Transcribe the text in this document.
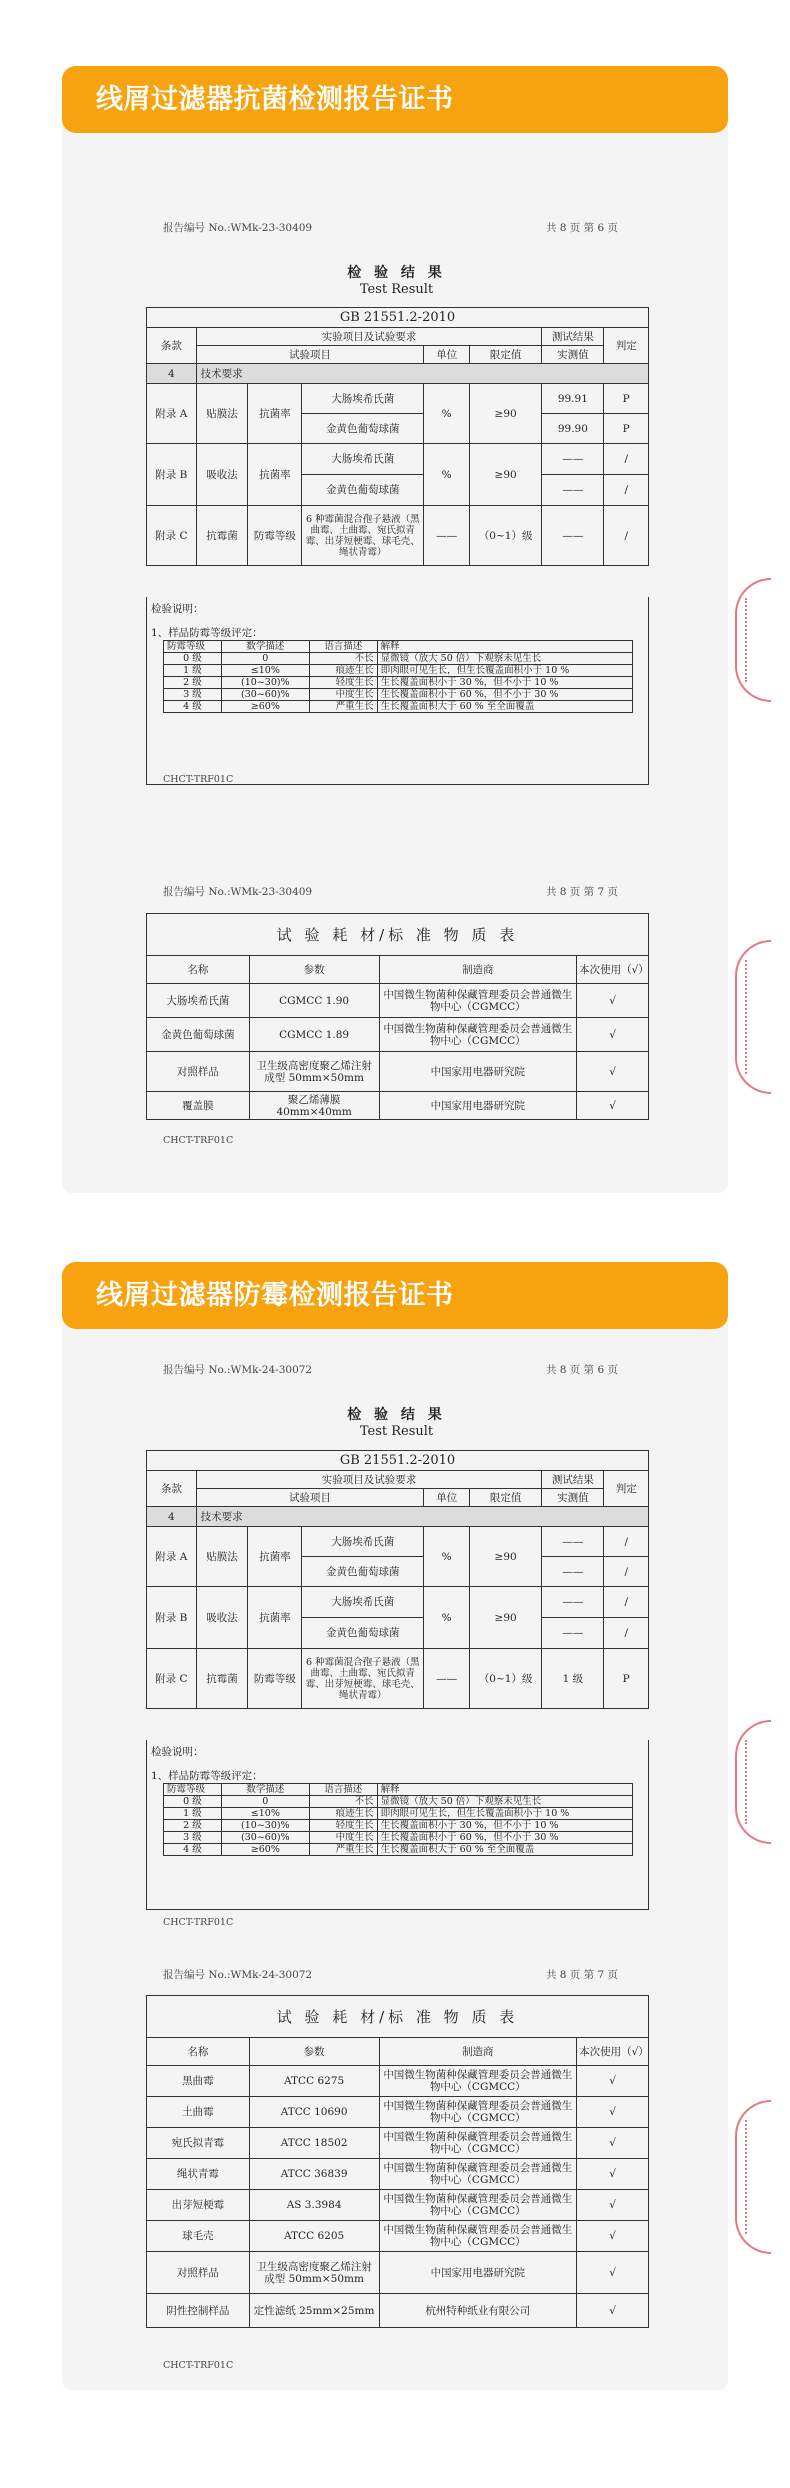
线屑过滤器抗菌检测报告证书
报告编号 No.:WMk-23-30409	共 8 页 第 6 页
检 验 结 果
Test Result
GB 21551.2-2010							
条款	实验项目及试验要求					测试结果	判定
	试验项目			单位	限定值	实测值	
4	技术要求						
附录 A	贴膜法	抗菌率	大肠埃希氏菌	%	≥90	99.91	P
			金黄色葡萄球菌			99.90	P
附录 B	吸收法	抗菌率	大肠埃希氏菌	%	≥90	——	/
			金黄色葡萄球菌			——	/
附录 C	抗霉菌	防霉等级	6 种霉菌混合孢子悬液（黑曲霉、土曲霉、宛氏拟青霉、出芽短梗霉、球毛壳、绳状青霉）	——	（0~1）级	——	/
检验说明：
1、样品防霉等级评定：
防霉等级	数学描述	语言描述	解释
0 级	0	不长	显微镜（放大 50 倍）下观察未见生长
1 级	≤10%	痕迹生长	即肉眼可见生长，但生长覆盖面积小于 10 %
2 级	(10~30)%	轻度生长	生长覆盖面积小于 30 %，但不小于 10 %
3 级	(30~60)%	中度生长	生长覆盖面积小于 60 %，但不小于 30 %
4 级	≥60%	严重生长	生长覆盖面积大于 60 % 至全面覆盖
CHCT-TRF01C
报告编号 No.:WMk-23-30409	共 8 页 第 7 页
试 验 耗 材/标 准 物 质 表			
名称	参数	制造商	本次使用（√）
大肠埃希氏菌	CGMCC 1.90	中国微生物菌种保藏管理委员会普通微生物中心（CGMCC）	√
金黄色葡萄球菌	CGMCC 1.89	中国微生物菌种保藏管理委员会普通微生物中心（CGMCC）	√
对照样品	卫生级高密度聚乙烯注射成型 50mm×50mm	中国家用电器研究院	√
覆盖膜	聚乙烯薄膜 40mm×40mm	中国家用电器研究院	√
CHCT-TRF01C
线屑过滤器防霉检测报告证书
报告编号 No.:WMk-24-30072	共 8 页 第 6 页
检 验 结 果
Test Result
GB 21551.2-2010							
条款	实验项目及试验要求					测试结果	判定
	试验项目			单位	限定值	实测值	
4	技术要求						
附录 A	贴膜法	抗菌率	大肠埃希氏菌	%	≥90	——	/
			金黄色葡萄球菌			——	/
附录 B	吸收法	抗菌率	大肠埃希氏菌	%	≥90	——	/
			金黄色葡萄球菌			——	/
附录 C	抗霉菌	防霉等级	6 种霉菌混合孢子悬液（黑曲霉、土曲霉、宛氏拟青霉、出芽短梗霉、球毛壳、绳状青霉）	——	（0~1）级	1 级	P
检验说明：
1、样品防霉等级评定：
防霉等级	数学描述	语言描述	解释
0 级	0	不长	显微镜（放大 50 倍）下观察未见生长
1 级	≤10%	痕迹生长	即肉眼可见生长，但生长覆盖面积小于 10 %
2 级	(10~30)%	轻度生长	生长覆盖面积小于 30 %，但不小于 10 %
3 级	(30~60)%	中度生长	生长覆盖面积小于 60 %，但不小于 30 %
4 级	≥60%	严重生长	生长覆盖面积大于 60 % 至全面覆盖
CHCT-TRF01C
报告编号 No.:WMk-24-30072	共 8 页 第 7 页
试 验 耗 材/标 准 物 质 表			
名称	参数	制造商	本次使用（√）
黑曲霉	ATCC 6275	中国微生物菌种保藏管理委员会普通微生物中心（CGMCC）	√
土曲霉	ATCC 10690	中国微生物菌种保藏管理委员会普通微生物中心（CGMCC）	√
宛氏拟青霉	ATCC 18502	中国微生物菌种保藏管理委员会普通微生物中心（CGMCC）	√
绳状青霉	ATCC 36839	中国微生物菌种保藏管理委员会普通微生物中心（CGMCC）	√
出芽短梗霉	AS 3.3984	中国微生物菌种保藏管理委员会普通微生物中心（CGMCC）	√
球毛壳	ATCC 6205	中国微生物菌种保藏管理委员会普通微生物中心（CGMCC）	√
对照样品	卫生级高密度聚乙烯注射成型 50mm×50mm	中国家用电器研究院	√
阴性控制样品	定性滤纸 25mm×25mm	杭州特种纸业有限公司	√
CHCT-TRF01C
